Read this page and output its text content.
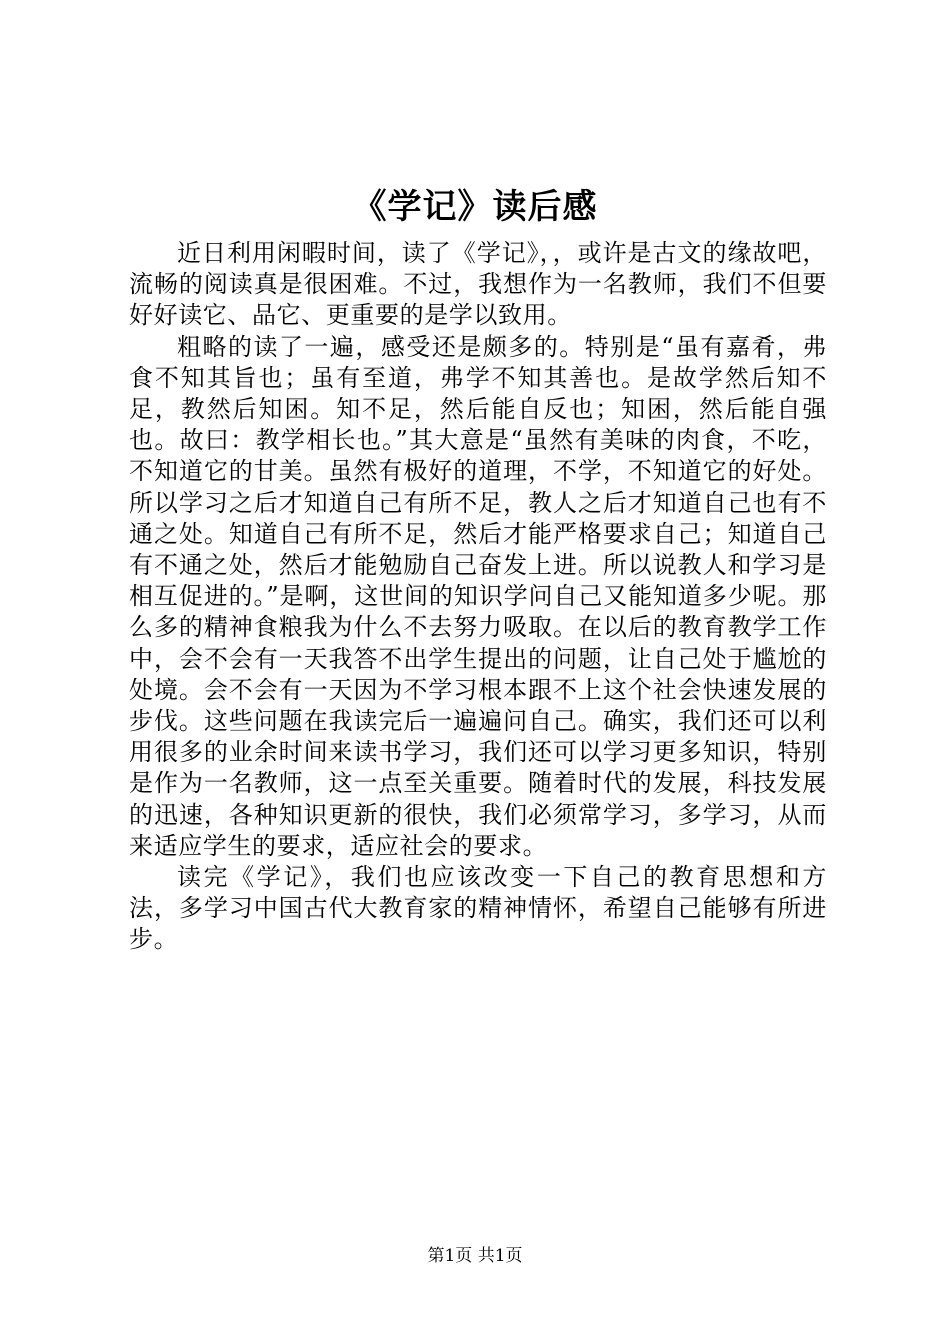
《学记》读后感

近日利用闲暇时间，读了《学记》，，或许是古文的缘故吧，流畅的阅读真是很困难。不过，我想作为一名教师，我们不但要好好读它、品它、更重要的是学以致用。

粗略的读了一遍，感受还是颇多的。特别是“虽有嘉肴，弗食不知其旨也；虽有至道，弗学不知其善也。是故学然后知不足，教然后知困。知不足，然后能自反也；知困，然后能自强也。故曰：教学相长也。”其大意是“虽然有美味的肉食，不吃，不知道它的甘美。虽然有极好的道理，不学，不知道它的好处。所以学习之后才知道自己有所不足，教人之后才知道自己也有不通之处。知道自己有所不足，然后才能严格要求自己；知道自己有不通之处，然后才能勉励自己奋发上进。所以说教人和学习是相互促进的。”是啊，这世间的知识学问自己又能知道多少呢。那么多的精神食粮我为什么不去努力吸取。在以后的教育教学工作中，会不会有一天我答不出学生提出的问题，让自己处于尴尬的处境。会不会有一天因为不学习根本跟不上这个社会快速发展的步伐。这些问题在我读完后一遍遍问自己。确实，我们还可以利用很多的业余时间来读书学习，我们还可以学习更多知识，特别是作为一名教师，这一点至关重要。随着时代的发展，科技发展的迅速，各种知识更新的很快，我们必须常学习，多学习，从而来适应学生的要求，适应社会的要求。

读完《学记》，我们也应该改变一下自己的教育思想和方法，多学习中国古代大教育家的精神情怀，希望自己能够有所进步。

第1页 共1页
